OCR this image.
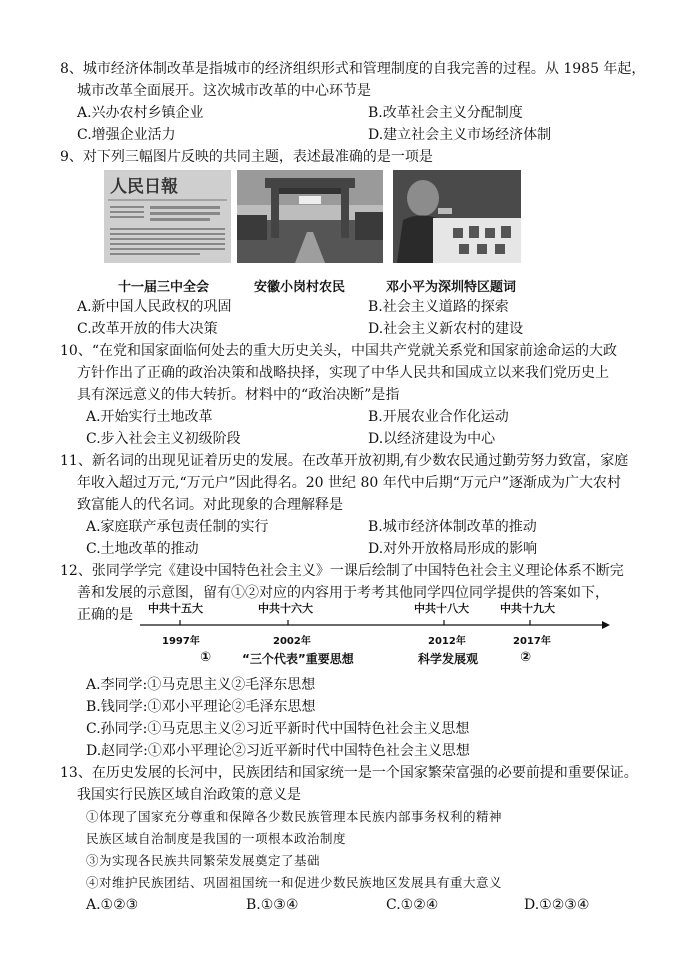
8、城市经济体制改革是指城市的经济组织形式和管理制度的自我完善的过程。从 1985 年起，
城市改革全面展开。这次城市改革的中心环节是
A.兴办农村乡镇企业	B.改革社会主义分配制度
C.增强企业活力	D.建立社会主义市场经济体制
9、对下列三幅图片反映的共同主题，表述最准确的是一项是
人民日報
十一届三中全会	安徽小岗村农民	邓小平为深圳特区题词
A.新中国人民政权的巩固	B.社会主义道路的探索
C.改革开放的伟大决策	D.社会主义新农村的建设
10、“在党和国家面临何处去的重大历史关头，中国共产党就关系党和国家前途命运的大政
方针作出了正确的政治决策和战略抉择，实现了中华人民共和国成立以来我们党历史上
具有深远意义的伟大转折。材料中的“政治决断”是指
A.开始实行土地改革	B.开展农业合作化运动
C.步入社会主义初级阶段	D.以经济建设为中心
11、新名词的出现见证着历史的发展。在改革开放初期,有少数农民通过勤劳努力致富，家庭
年收入超过万元,“万元户”因此得名。20 世纪 80 年代中后期“万元户”逐渐成为广大农村
致富能人的代名词。对此现象的合理解释是
A.家庭联产承包责任制的实行	B.城市经济体制改革的推动
C.土地改革的推动	D.对外开放格局形成的影响
12、张同学学完《建设中国特色社会主义》一课后绘制了中国特色社会主义理论体系不断完
善和发展的示意图，留有①②对应的内容用于考考其他同学四位同学提供的答案如下，
正确的是 中共十五大	中共十六大	中共十八大	中共十九大
1997年	2002年	2012年	2017年
①	“三个代表”重要思想	科学发展观	②
A.李同学:①马克思主义②毛泽东思想
B.钱同学:①邓小平理论②毛泽东思想
C.孙同学:①马克思主义②习近平新时代中国特色社会主义思想
D.赵同学:①邓小平理论②习近平新时代中国特色社会主义思想
13、在历史发展的长河中，民族团结和国家统一是一个国家繁荣富强的必要前提和重要保证。
我国实行民族区域自治政策的意义是
①体现了国家充分尊重和保障各少数民族管理本民族内部事务权利的精神
民族区域自治制度是我国的一项根本政治制度
③为实现各民族共同繁荣发展奠定了基础
④对维护民族团结、巩固祖国统一和促进少数民族地区发展具有重大意义
A.①②③	B.①③④	C.①②④	D.①②③④
